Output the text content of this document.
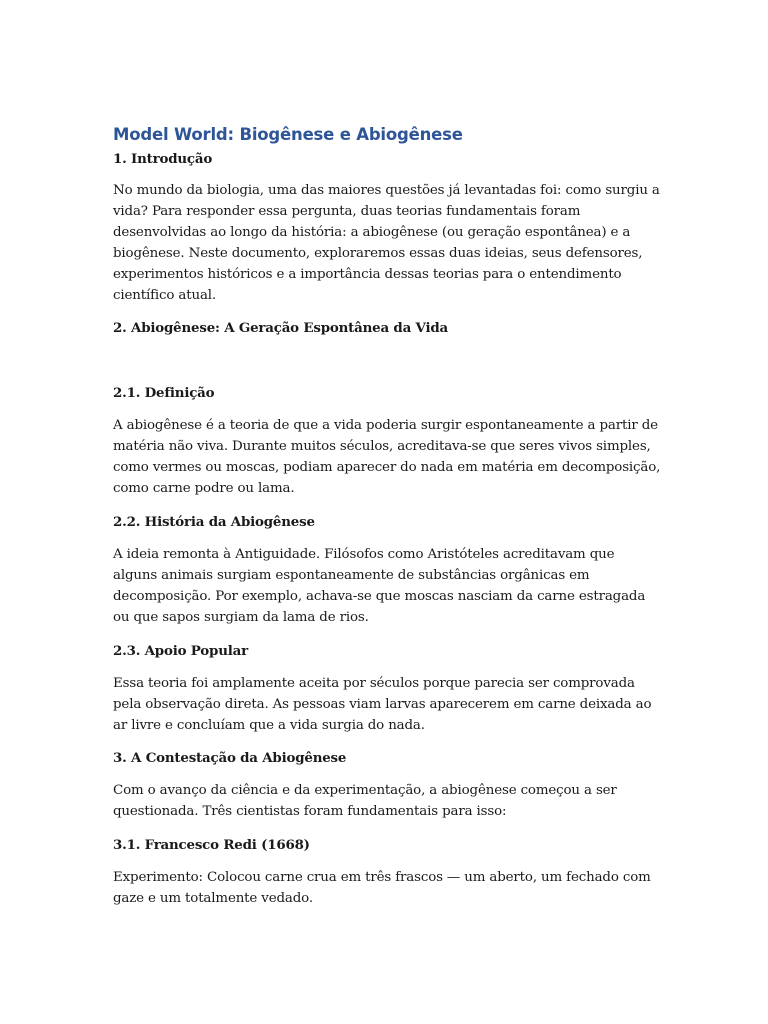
Model World: Biogênese e Abiogênese
1. Introdução

No mundo da biologia, uma das maiores questões já levantadas foi: como surgiu a vida? Para responder essa pergunta, duas teorias fundamentais foram desenvolvidas ao longo da história: a abiogênese (ou geração espontânea) e a biogênese. Neste documento, exploraremos essas duas ideias, seus defensores, experimentos históricos e a importância dessas teorias para o entendimento científico atual.

2. Abiogênese: A Geração Espontânea da Vida
2.1. Definição

A abiogênese é a teoria de que a vida poderia surgir espontaneamente a partir de matéria não viva. Durante muitos séculos, acreditava-se que seres vivos simples, como vermes ou moscas, podiam aparecer do nada em matéria em decomposição, como carne podre ou lama.

2.2. História da Abiogênese

A ideia remonta à Antiguidade. Filósofos como Aristóteles acreditavam que alguns animais surgiam espontaneamente de substâncias orgânicas em decomposição. Por exemplo, achava-se que moscas nasciam da carne estragada ou que sapos surgiam da lama de rios.

2.3. Apoio Popular

Essa teoria foi amplamente aceita por séculos porque parecia ser comprovada pela observação direta. As pessoas viam larvas aparecerem em carne deixada ao ar livre e concluíam que a vida surgia do nada.

3. A Contestação da Abiogênese

Com o avanço da ciência e da experimentação, a abiogênese começou a ser questionada. Três cientistas foram fundamentais para isso:

3.1. Francesco Redi (1668)

Experimento: Colocou carne crua em três frascos — um aberto, um fechado com gaze e um totalmente vedado.
